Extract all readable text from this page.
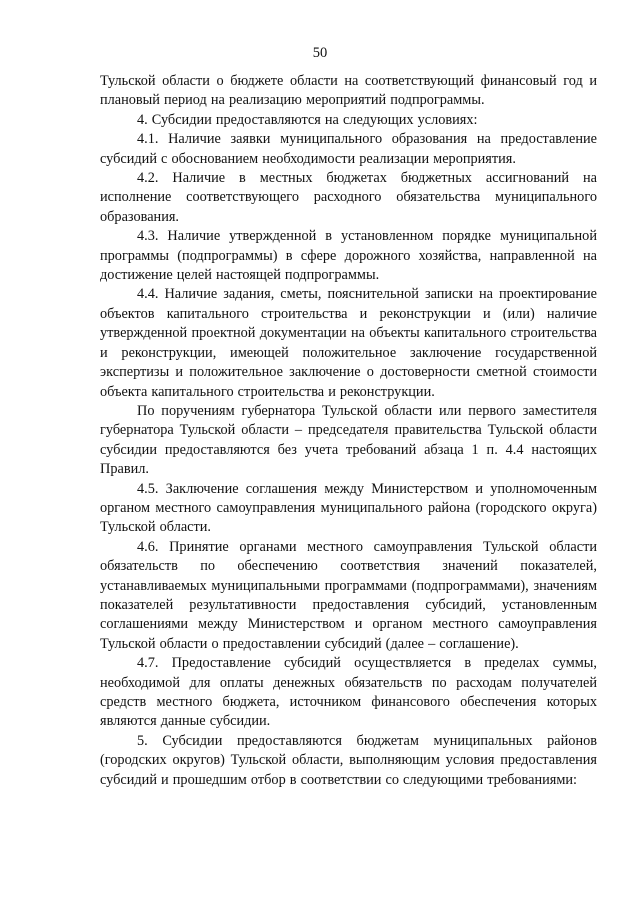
50

Тульской области о бюджете области на соответствующий финансовый год и плановый период на реализацию мероприятий подпрограммы.

4. Субсидии предоставляются на следующих условиях:

4.1. Наличие заявки муниципального образования на предоставление субсидий с обоснованием необходимости реализации мероприятия.

4.2. Наличие в местных бюджетах бюджетных ассигнований на исполнение соответствующего расходного обязательства муниципального образования.

4.3. Наличие утвержденной в установленном порядке муниципальной программы (подпрограммы) в сфере дорожного хозяйства, направленной на достижение целей настоящей подпрограммы.

4.4. Наличие задания, сметы, пояснительной записки на проектирование объектов капитального строительства и реконструкции и (или) наличие утвержденной проектной документации на объекты капитального строительства и реконструкции, имеющей положительное заключение государственной экспертизы и положительное заключение о достоверности сметной стоимости объекта капитального строительства и реконструкции.

По поручениям губернатора Тульской области или первого заместителя губернатора Тульской области – председателя правительства Тульской области субсидии предоставляются без учета требований абзаца 1 п. 4.4 настоящих Правил.

4.5. Заключение соглашения между Министерством и уполномоченным органом местного самоуправления муниципального района (городского округа) Тульской области.

4.6. Принятие органами местного самоуправления Тульской области обязательств по обеспечению соответствия значений показателей, устанавливаемых муниципальными программами (подпрограммами), значениям показателей результативности предоставления субсидий, установленным соглашениями между Министерством и органом местного самоуправления Тульской области о предоставлении субсидий (далее – соглашение).

4.7. Предоставление субсидий осуществляется в пределах суммы, необходимой для оплаты денежных обязательств по расходам получателей средств местного бюджета, источником финансового обеспечения которых являются данные субсидии.

5. Субсидии предоставляются бюджетам муниципальных районов (городских округов) Тульской области, выполняющим условия предоставления субсидий и прошедшим отбор в соответствии со следующими требованиями:
